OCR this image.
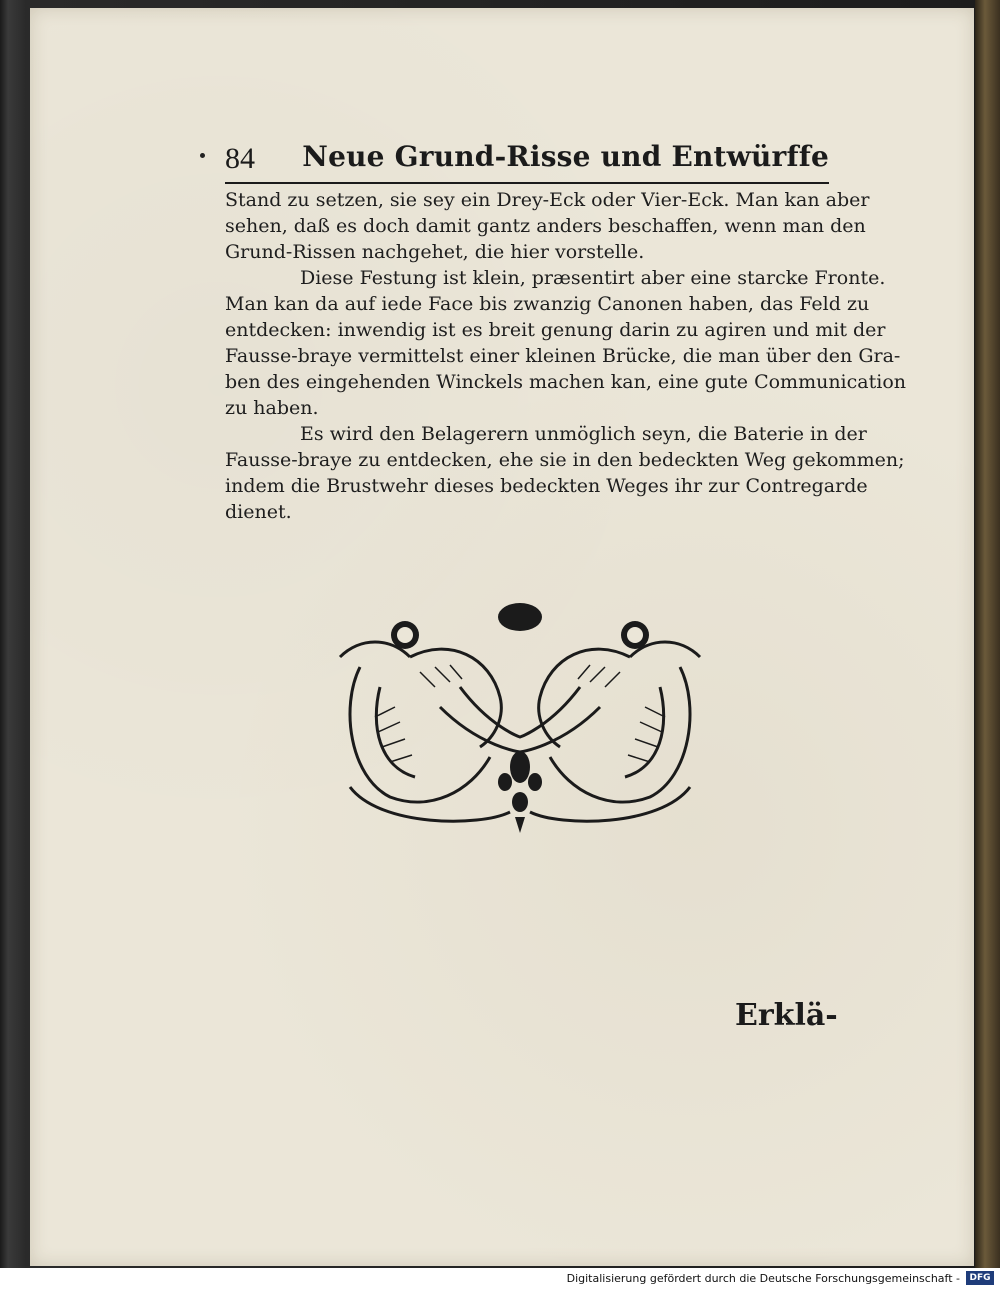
84 Neue Grund-Risse und Entwürffe
Stand zu setzen, sie sey ein Drey-Eck oder Vier-Eck. Man kan aber
sehen, daß es doch damit gantz anders beschaffen, wenn man den
Grund-Rissen nachgehet, die hier vorstelle.
Diese Festung ist klein, præsentirt aber eine starcke Fronte.
Man kan da auf iede Face bis zwanzig Canonen haben, das Feld zu
entdecken: inwendig ist es breit genung darin zu agiren und mit der
Fausse-braye vermittelst einer kleinen Brücke, die man über den Gra-
ben des eingehenden Winckels machen kan, eine gute Communication
zu haben.
Es wird den Belagerern unmöglich seyn, die Baterie in der
Fausse-braye zu entdecken, ehe sie in den bedeckten Weg gekommen;
indem die Brustwehr dieses bedeckten Weges ihr zur Contregarde
dienet.
Erklä-
Digitalisierung gefördert durch die Deutsche Forschungsgemeinschaft -	DFG
